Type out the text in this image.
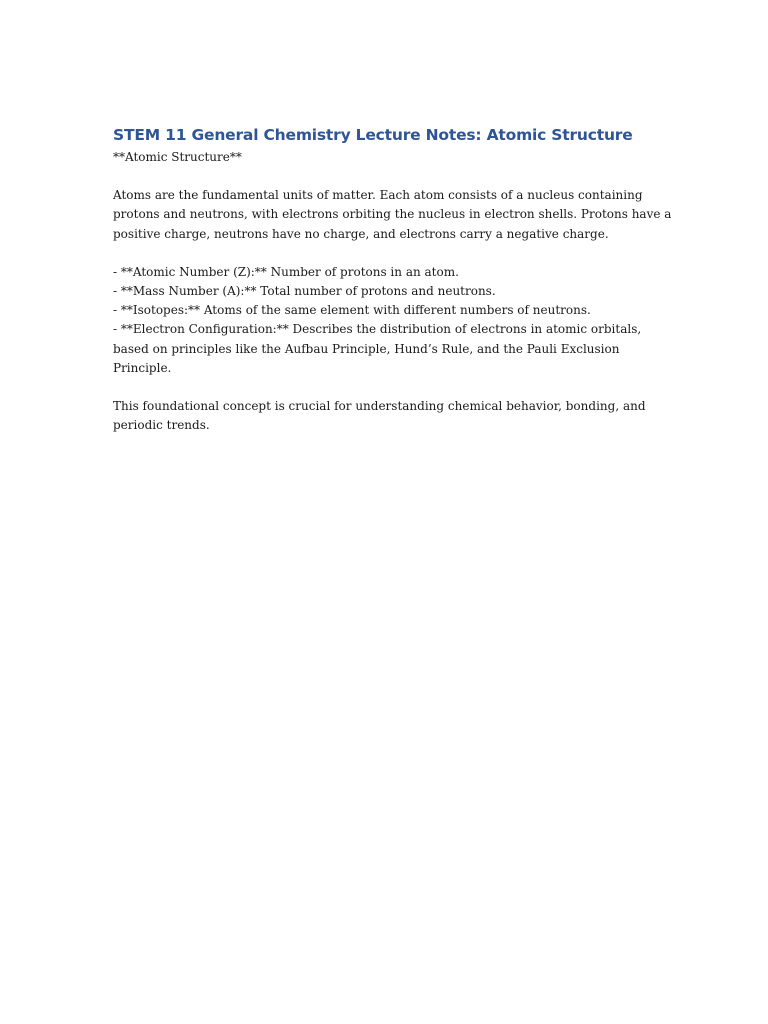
STEM 11 General Chemistry Lecture Notes: Atomic Structure

**Atomic Structure**

Atoms are the fundamental units of matter. Each atom consists of a nucleus containing protons and neutrons, with electrons orbiting the nucleus in electron shells. Protons have a positive charge, neutrons have no charge, and electrons carry a negative charge.

- **Atomic Number (Z):** Number of protons in an atom.
- **Mass Number (A):** Total number of protons and neutrons.
- **Isotopes:** Atoms of the same element with different numbers of neutrons.
- **Electron Configuration:** Describes the distribution of electrons in atomic orbitals, based on principles like the Aufbau Principle, Hund’s Rule, and the Pauli Exclusion Principle.

This foundational concept is crucial for understanding chemical behavior, bonding, and periodic trends.
